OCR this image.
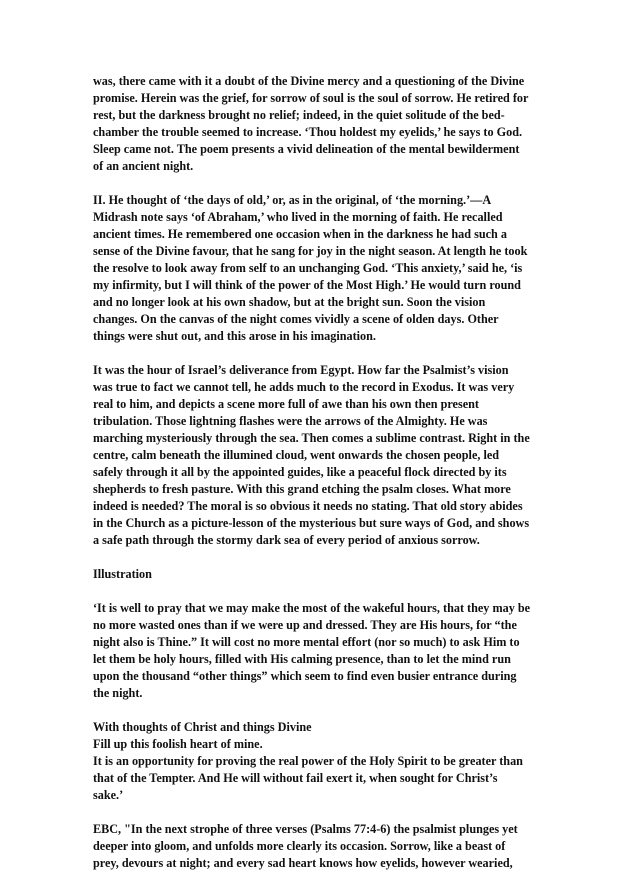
was, there came with it a doubt of the Divine mercy and a questioning of the Divine
promise. Herein was the grief, for sorrow of soul is the soul of sorrow. He retired for
rest, but the darkness brought no relief; indeed, in the quiet solitude of the bed-
chamber the trouble seemed to increase. ‘Thou holdest my eyelids,’ he says to God.
Sleep came not. The poem presents a vivid delineation of the mental bewilderment
of an ancient night.

II. He thought of ‘the days of old,’ or, as in the original, of ‘the morning.’—A
Midrash note says ‘of Abraham,’ who lived in the morning of faith. He recalled
ancient times. He remembered one occasion when in the darkness he had such a
sense of the Divine favour, that he sang for joy in the night season. At length he took
the resolve to look away from self to an unchanging God. ‘This anxiety,’ said he, ‘is
my infirmity, but I will think of the power of the Most High.’ He would turn round
and no longer look at his own shadow, but at the bright sun. Soon the vision
changes. On the canvas of the night comes vividly a scene of olden days. Other
things were shut out, and this arose in his imagination.

It was the hour of Israel’s deliverance from Egypt. How far the Psalmist’s vision
was true to fact we cannot tell, he adds much to the record in Exodus. It was very
real to him, and depicts a scene more full of awe than his own then present
tribulation. Those lightning flashes were the arrows of the Almighty. He was
marching mysteriously through the sea. Then comes a sublime contrast. Right in the
centre, calm beneath the illumined cloud, went onwards the chosen people, led
safely through it all by the appointed guides, like a peaceful flock directed by its
shepherds to fresh pasture. With this grand etching the psalm closes. What more
indeed is needed? The moral is so obvious it needs no stating. That old story abides
in the Church as a picture-lesson of the mysterious but sure ways of God, and shows
a safe path through the stormy dark sea of every period of anxious sorrow.

Illustration

‘It is well to pray that we may make the most of the wakeful hours, that they may be
no more wasted ones than if we were up and dressed. They are His hours, for “the
night also is Thine.” It will cost no more mental effort (nor so much) to ask Him to
let them be holy hours, filled with His calming presence, than to let the mind run
upon the thousand “other things” which seem to find even busier entrance during
the night.

With thoughts of Christ and things Divine
Fill up this foolish heart of mine.
It is an opportunity for proving the real power of the Holy Spirit to be greater than
that of the Tempter. And He will without fail exert it, when sought for Christ’s
sake.’

EBC, "In the next strophe of three verses (Psalms 77:4-6) the psalmist plunges yet
deeper into gloom, and unfolds more clearly its occasion. Sorrow, like a beast of
prey, devours at night; and every sad heart knows how eyelids, however wearied,
